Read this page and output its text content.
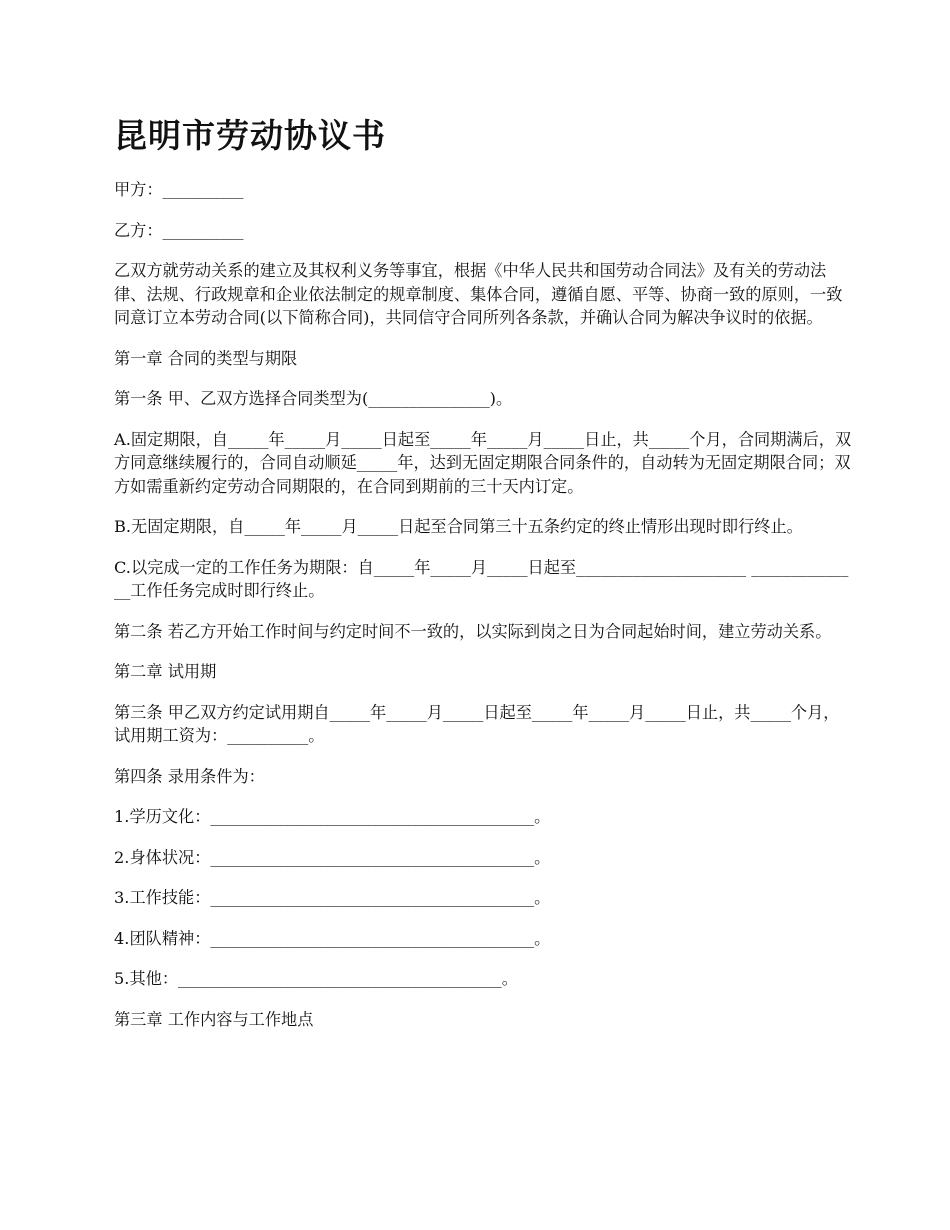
昆明市劳动协议书

甲方：__________

乙方：__________

乙双方就劳动关系的建立及其权利义务等事宜，根据《中华人民共和国劳动合同法》及有关的劳动法律、法规、行政规章和企业依法制定的规章制度、集体合同，遵循自愿、平等、协商一致的原则，一致同意订立本劳动合同(以下简称合同)，共同信守合同所列各条款，并确认合同为解决争议时的依据。

第一章 合同的类型与期限

第一条 甲、乙双方选择合同类型为(_______________)。

A.固定期限，自_____年_____月_____日起至_____年_____月_____日止，共_____个月，合同期满后，双方同意继续履行的，合同自动顺延_____年，达到无固定期限合同条件的，自动转为无固定期限合同；双方如需重新约定劳动合同期限的，在合同到期前的三十天内订定。

B.无固定期限，自_____年_____月_____日起至合同第三十五条约定的终止情形出现时即行终止。

C.以完成一定的工作任务为期限：自_____年_____月_____日起至_____________________ ______________工作任务完成时即行终止。

第二条 若乙方开始工作时间与约定时间不一致的，以实际到岗之日为合同起始时间，建立劳动关系。

第二章 试用期

第三条 甲乙双方约定试用期自_____年_____月_____日起至_____年_____月_____日止，共_____个月，试用期工资为：__________。

第四条 录用条件为：

1.学历文化：________________________________________。

2.身体状况：________________________________________。

3.工作技能：________________________________________。

4.团队精神：________________________________________。

5.其他：________________________________________。

第三章 工作内容与工作地点
